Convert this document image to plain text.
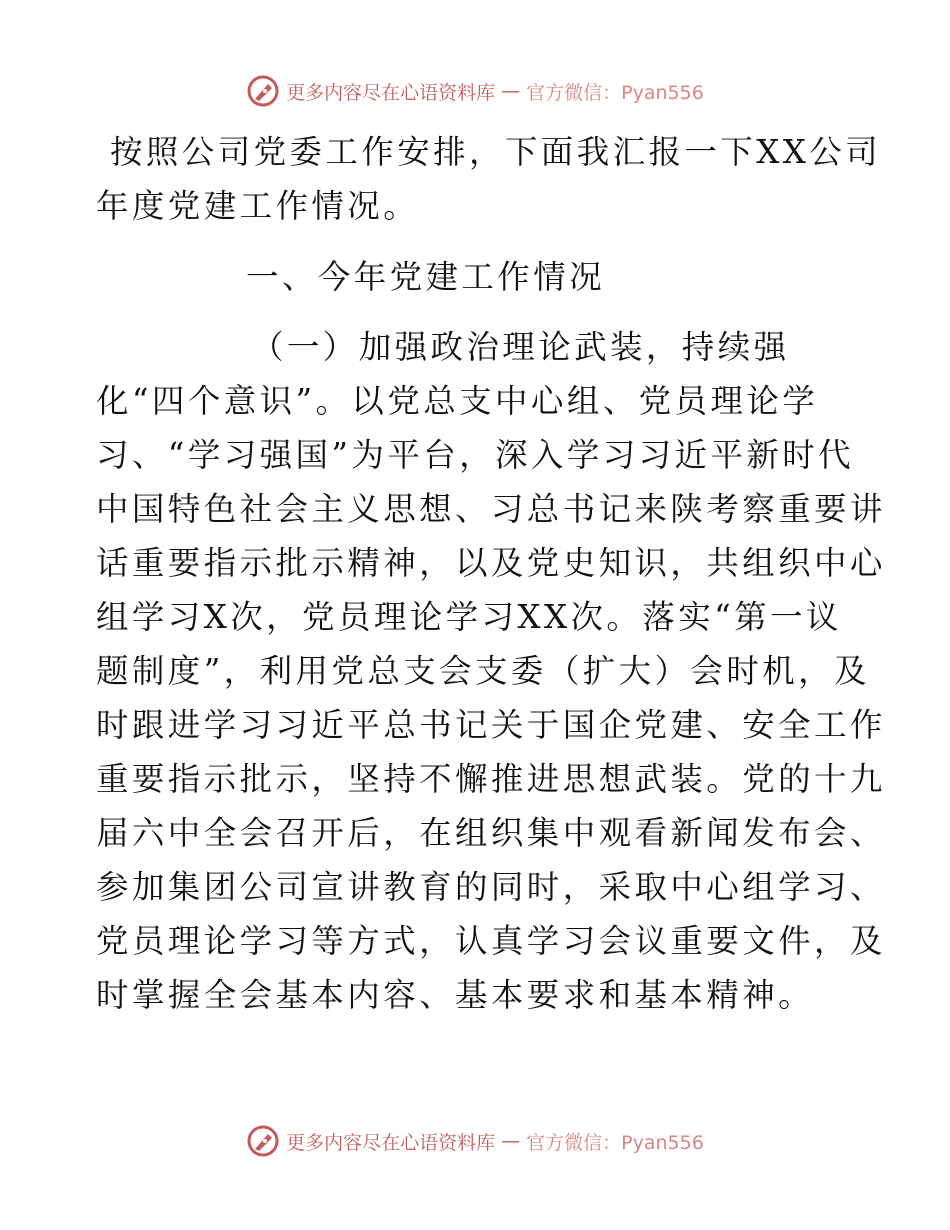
更多内容尽在心语资料库 — 官方微信：Pyan556
按照公司党委工作安排，下面我汇报一下XX公司
年度党建工作情况。
一、今年党建工作情况
（一）加强政治理论武装，持续强
化“四个意识”。以党总支中心组、党员理论学
习、“学习强国”为平台，深入学习习近平新时代
中国特色社会主义思想、习总书记来陕考察重要讲
话重要指示批示精神，以及党史知识，共组织中心
组学习X次，党员理论学习XX次。落实“第一议
题制度”，利用党总支会支委（扩大）会时机，及
时跟进学习习近平总书记关于国企党建、安全工作
重要指示批示，坚持不懈推进思想武装。党的十九
届六中全会召开后，在组织集中观看新闻发布会、
参加集团公司宣讲教育的同时，采取中心组学习、
党员理论学习等方式，认真学习会议重要文件，及
时掌握全会基本内容、基本要求和基本精神。
更多内容尽在心语资料库 — 官方微信：Pyan556
